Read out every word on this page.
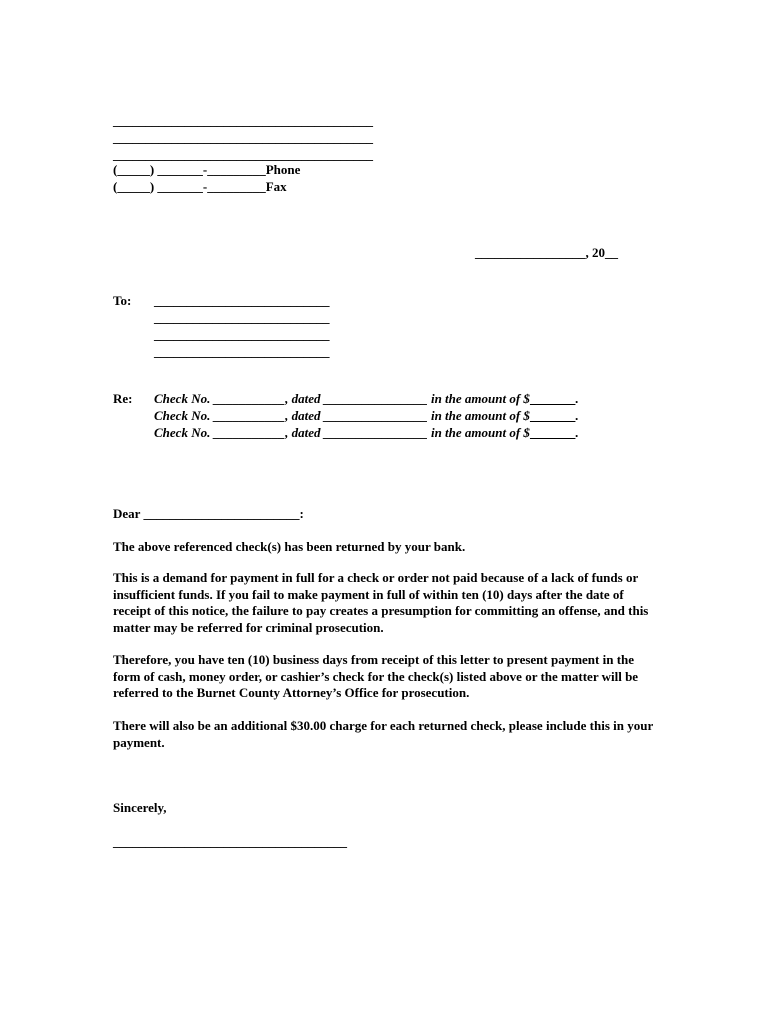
________________________________________
________________________________________
________________________________________
(_____) _______-_________Phone
(_____) _______-_________Fax
_________________, 20__
To: ___________________________
___________________________
___________________________
___________________________
Re: Check No. ___________, dated ________________ in the amount of $	.
Check No. ___________, dated ________________ in the amount of $	.
Check No. ___________, dated ________________ in the amount of $	.
Dear ________________________:
The above referenced check(s) has been returned by your bank.
This is a demand for payment in full for a check or order not paid because of a lack of funds or insufficient funds. If you fail to make payment in full of within ten (10) days after the date of receipt of this notice, the failure to pay creates a presumption for committing an offense, and this matter may be referred for criminal prosecution.
Therefore, you have ten (10) business days from receipt of this letter to present payment in the form of cash, money order, or cashier’s check for the check(s) listed above or the matter will be referred to the Burnet County Attorney’s Office for prosecution.
There will also be an additional $30.00 charge for each returned check, please include this in your payment.
Sincerely,
____________________________________
